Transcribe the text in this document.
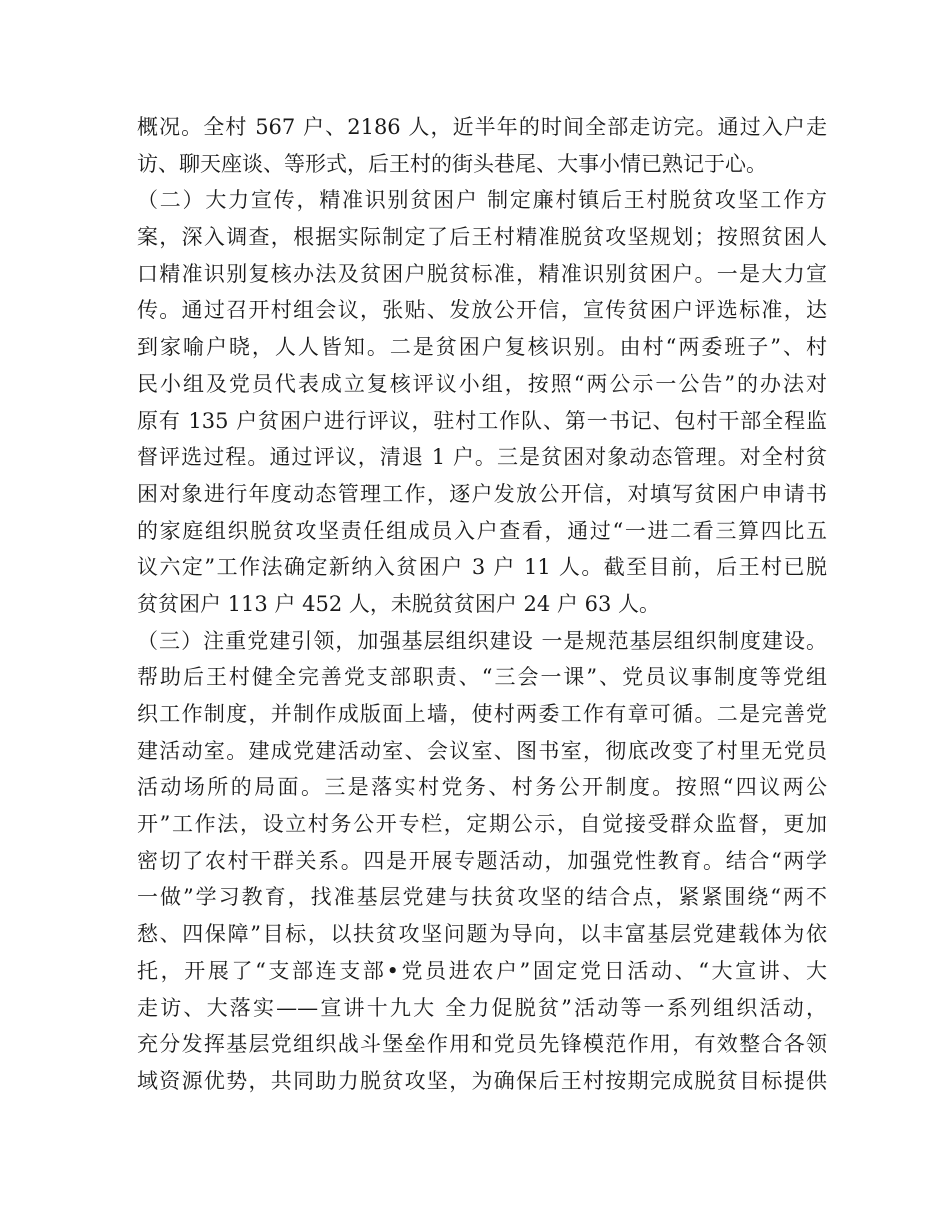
概况。全村 567 户、2186 人，近半年的时间全部走访完。通过入户走
访、聊天座谈、等形式，后王村的街头巷尾、大事小情已熟记于心。
（二）大力宣传，精准识别贫困户 制定廉村镇后王村脱贫攻坚工作方
案，深入调查，根据实际制定了后王村精准脱贫攻坚规划；按照贫困人
口精准识别复核办法及贫困户脱贫标准，精准识别贫困户。一是大力宣
传。通过召开村组会议，张贴、发放公开信，宣传贫困户评选标准，达
到家喻户晓，人人皆知。二是贫困户复核识别。由村“两委班子”、村
民小组及党员代表成立复核评议小组，按照“两公示一公告”的办法对
原有 135 户贫困户进行评议，驻村工作队、第一书记、包村干部全程监
督评选过程。通过评议，清退 1 户。三是贫困对象动态管理。对全村贫
困对象进行年度动态管理工作，逐户发放公开信，对填写贫困户申请书
的家庭组织脱贫攻坚责任组成员入户查看，通过“一进二看三算四比五
议六定”工作法确定新纳入贫困户 3 户 11 人。截至目前，后王村已脱
贫贫困户 113 户 452 人，未脱贫贫困户 24 户 63 人。
（三）注重党建引领，加强基层组织建设 一是规范基层组织制度建设。
帮助后王村健全完善党支部职责、“三会一课”、党员议事制度等党组
织工作制度，并制作成版面上墙，使村两委工作有章可循。二是完善党
建活动室。建成党建活动室、会议室、图书室，彻底改变了村里无党员
活动场所的局面。三是落实村党务、村务公开制度。按照“四议两公
开”工作法，设立村务公开专栏，定期公示，自觉接受群众监督，更加
密切了农村干群关系。四是开展专题活动，加强党性教育。结合“两学
一做”学习教育，找准基层党建与扶贫攻坚的结合点，紧紧围绕“两不
愁、四保障”目标，以扶贫攻坚问题为导向，以丰富基层党建载体为依
托，开展了“支部连支部•党员进农户”固定党日活动、“大宣讲、大
走访、大落实——宣讲十九大 全力促脱贫”活动等一系列组织活动，
充分发挥基层党组织战斗堡垒作用和党员先锋模范作用，有效整合各领
域资源优势，共同助力脱贫攻坚，为确保后王村按期完成脱贫目标提供
